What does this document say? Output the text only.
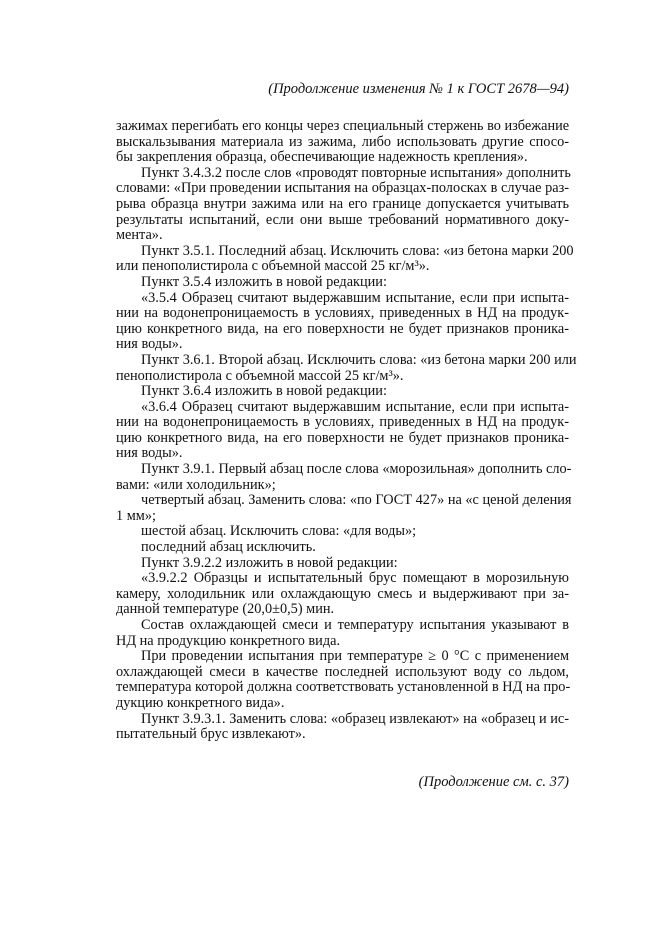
(Продолжение изменения № 1 к ГОСТ 2678—94)
зажимах перегибать его концы через специальный стержень во избежание
выскальзывания материала из зажима, либо использовать другие спосо-
бы закрепления образца, обеспечивающие надежность крепления».
Пункт 3.4.3.2 после слов «проводят повторные испытания» дополнить
словами: «При проведении испытания на образцах-полосках в случае раз-
рыва образца внутри зажима или на его границе допускается учитывать
результаты испытаний, если они выше требований нормативного доку-
мента».
Пункт 3.5.1. Последний абзац. Исключить слова: «из бетона марки 200
или пенополистирола с объемной массой 25 кг/м³».
Пункт 3.5.4 изложить в новой редакции:
«3.5.4 Образец считают выдержавшим испытание, если при испыта-
нии на водонепроницаемость в условиях, приведенных в НД на продук-
цию конкретного вида, на его поверхности не будет признаков проника-
ния воды».
Пункт 3.6.1. Второй абзац. Исключить слова: «из бетона марки 200 или
пенополистирола с объемной массой 25 кг/м³».
Пункт 3.6.4 изложить в новой редакции:
«3.6.4 Образец считают выдержавшим испытание, если при испыта-
нии на водонепроницаемость в условиях, приведенных в НД на продук-
цию конкретного вида, на его поверхности не будет признаков проника-
ния воды».
Пункт 3.9.1. Первый абзац после слова «морозильная» дополнить сло-
вами: «или холодильник»;
четвертый абзац. Заменить слова: «по ГОСТ 427» на «с ценой деления
1 мм»;
шестой абзац. Исключить слова: «для воды»;
последний абзац исключить.
Пункт 3.9.2.2 изложить в новой редакции:
«3.9.2.2 Образцы и испытательный брус помещают в морозильную
камеру, холодильник или охлаждающую смесь и выдерживают при за-
данной температуре (20,0±0,5) мин.
Состав охлаждающей смеси и температуру испытания указывают в
НД на продукцию конкретного вида.
При проведении испытания при температуре ≥ 0 °С с применением
охлаждающей смеси в качестве последней используют воду со льдом,
температура которой должна соответствовать установленной в НД на про-
дукцию конкретного вида».
Пункт 3.9.3.1. Заменить слова: «образец извлекают» на «образец и ис-
пытательный брус извлекают».
(Продолжение см. с. 37)
